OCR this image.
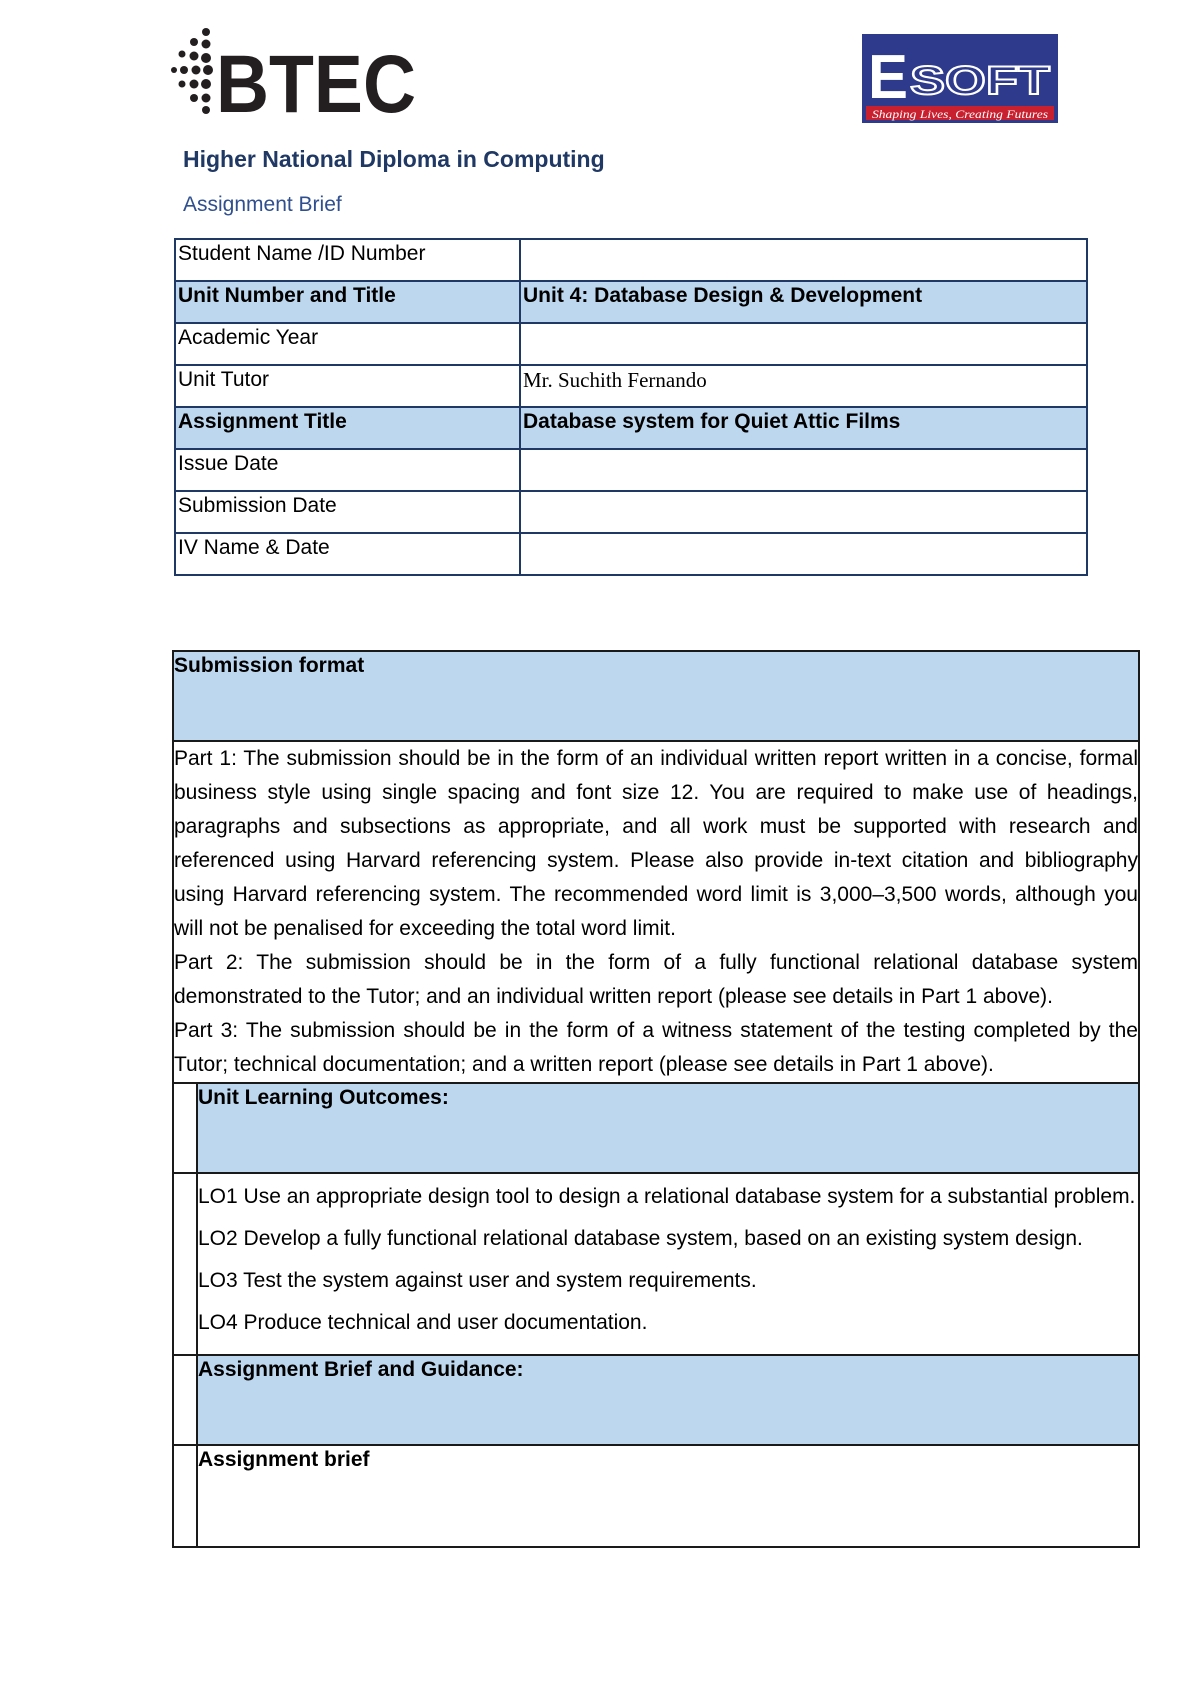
BTEC	E SOFT
Shaping Lives, Creating Futures
Higher National Diploma in Computing
Assignment Brief
Student Name /ID Number	
Unit Number and Title	Unit 4: Database Design & Development
Academic Year	
Unit Tutor	Mr. Suchith Fernando
Assignment Title	Database system for Quiet Attic Films
Issue Date	
Submission Date	
IV Name & Date	
Submission format	

Part 1: The submission should be in the form of an individual written report written in a concise, formal business style using single spacing and font size 12. You are required to make use of headings, paragraphs and subsections as appropriate, and all work must be supported with research and referenced using Harvard referencing system. Please also provide in-text citation and bibliography using Harvard referencing system. The recommended word limit is 3,000–3,500 words, although you will not be penalised for exceeding the total word limit.

Part 2: The submission should be in the form of a fully functional relational database system demonstrated to the Tutor; and an individual written report (please see details in Part 1 above).

Part 3: The submission should be in the form of a witness statement of the testing completed by the Tutor; technical documentation; and a written report (please see details in Part 1 above).	

	Unit Learning Outcomes:

	LO1 Use an appropriate design tool to design a relational database system for a substantial problem.

LO2 Develop a fully functional relational database system, based on an existing system design.

LO3 Test the system against user and system requirements.

LO4 Produce technical and user documentation.

	Assignment Brief and Guidance:
	Assignment brief
